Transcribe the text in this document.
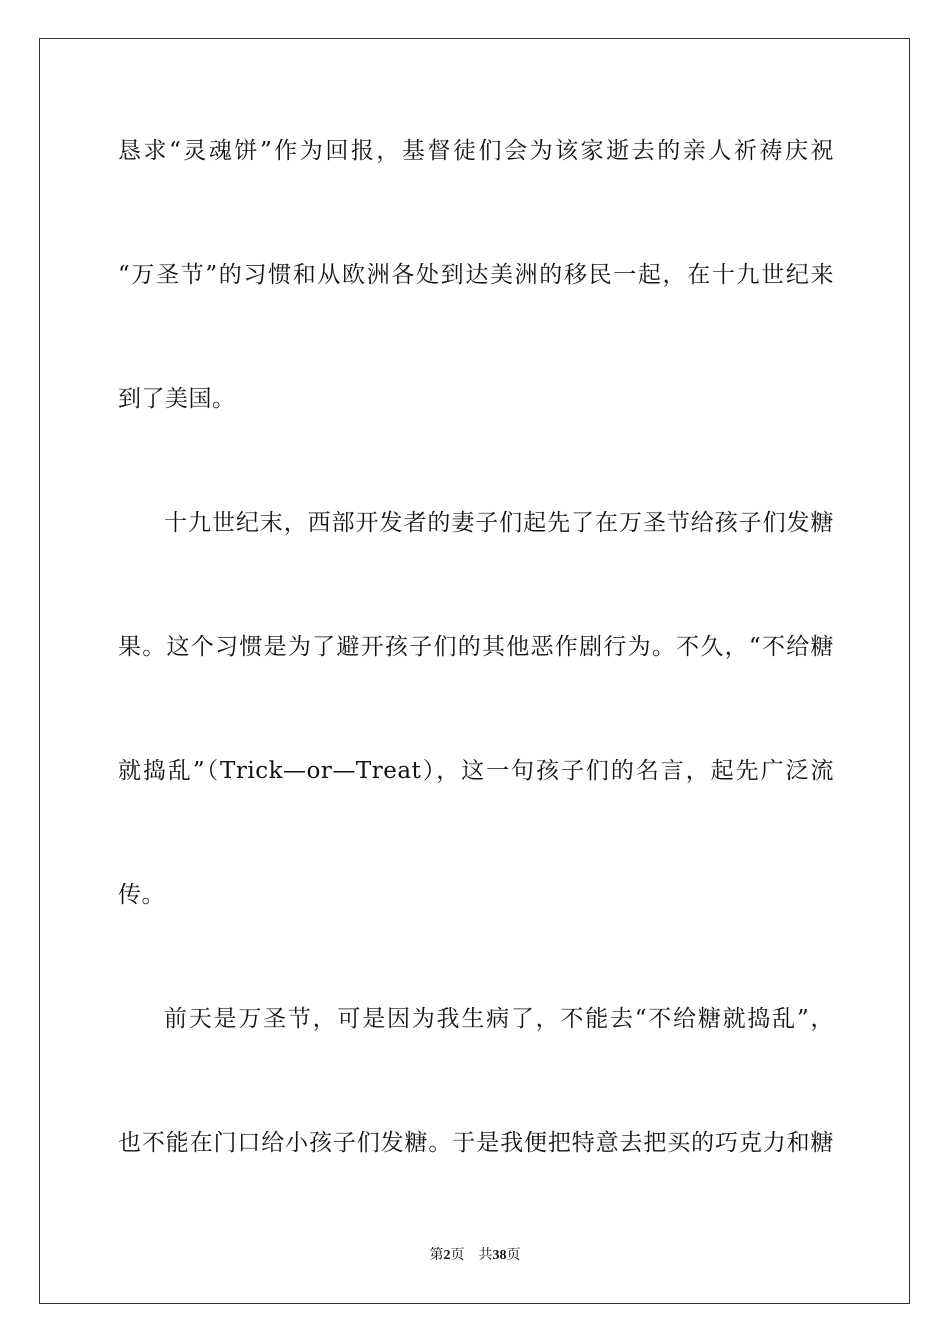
恳求“灵魂饼”作为回报，基督徒们会为该家逝去的亲人祈祷庆祝
“万圣节”的习惯和从欧洲各处到达美洲的移民一起，在十九世纪来
到了美国。
十九世纪末，西部开发者的妻子们起先了在万圣节给孩子们发糖
果。这个习惯是为了避开孩子们的其他恶作剧行为。不久，“不给糖
就捣乱”（Trick—or—Treat），这一句孩子们的名言，起先广泛流
传。
前天是万圣节，可是因为我生病了，不能去“不给糖就捣乱”，
也不能在门口给小孩子们发糖。于是我便把特意去把买的巧克力和糖
第2页 共38页
